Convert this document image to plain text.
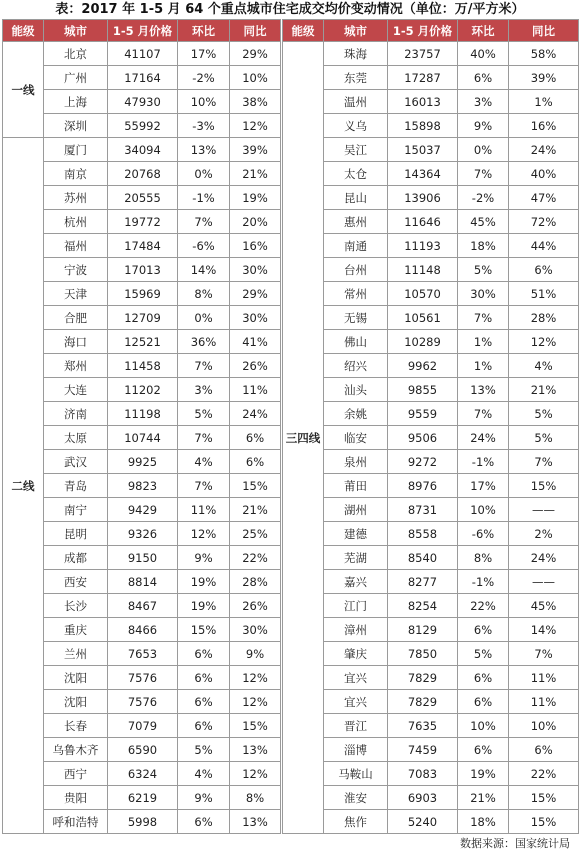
表：2017 年 1-5 月 64 个重点城市住宅成交均价变动情况（单位：万/平方米）
能级	城市	1-5 月价格	环比	同比		能级	城市	1-5 月价格	环比	同比
一线	北京	41107	17%	29%		三四线	珠海	23757	40%	58%
	广州	17164	-2%	10%			东莞	17287	6%	39%
	上海	47930	10%	38%			温州	16013	3%	1%
	深圳	55992	-3%	12%			义乌	15898	9%	16%
二线	厦门	34094	13%	39%			吴江	15037	0%	24%
	南京	20768	0%	21%			太仓	14364	7%	40%
	苏州	20555	-1%	19%			昆山	13906	-2%	47%
	杭州	19772	7%	20%			惠州	11646	45%	72%
	福州	17484	-6%	16%			南通	11193	18%	44%
	宁波	17013	14%	30%			台州	11148	5%	6%
	天津	15969	8%	29%			常州	10570	30%	51%
	合肥	12709	0%	30%			无锡	10561	7%	28%
	海口	12521	36%	41%			佛山	10289	1%	12%
	郑州	11458	7%	26%			绍兴	9962	1%	4%
	大连	11202	3%	11%			汕头	9855	13%	21%
	济南	11198	5%	24%			余姚	9559	7%	5%
	太原	10744	7%	6%			临安	9506	24%	5%
	武汉	9925	4%	6%			泉州	9272	-1%	7%
	青岛	9823	7%	15%			莆田	8976	17%	15%
	南宁	9429	11%	21%			湖州	8731	10%	——
	昆明	9326	12%	25%			建德	8558	-6%	2%
	成都	9150	9%	22%			芜湖	8540	8%	24%
	西安	8814	19%	28%			嘉兴	8277	-1%	——
	长沙	8467	19%	26%			江门	8254	22%	45%
	重庆	8466	15%	30%			漳州	8129	6%	14%
	兰州	7653	6%	9%			肇庆	7850	5%	7%
	沈阳	7576	6%	12%			宜兴	7829	6%	11%
	沈阳	7576	6%	12%			宜兴	7829	6%	11%
	长春	7079	6%	15%			晋江	7635	10%	10%
	乌鲁木齐	6590	5%	13%			淄博	7459	6%	6%
	西宁	6324	4%	12%			马鞍山	7083	19%	22%
	贵阳	6219	9%	8%			淮安	6903	21%	15%
	呼和浩特	5998	6%	13%			焦作	5240	18%	15%
数据来源：国家统计局
